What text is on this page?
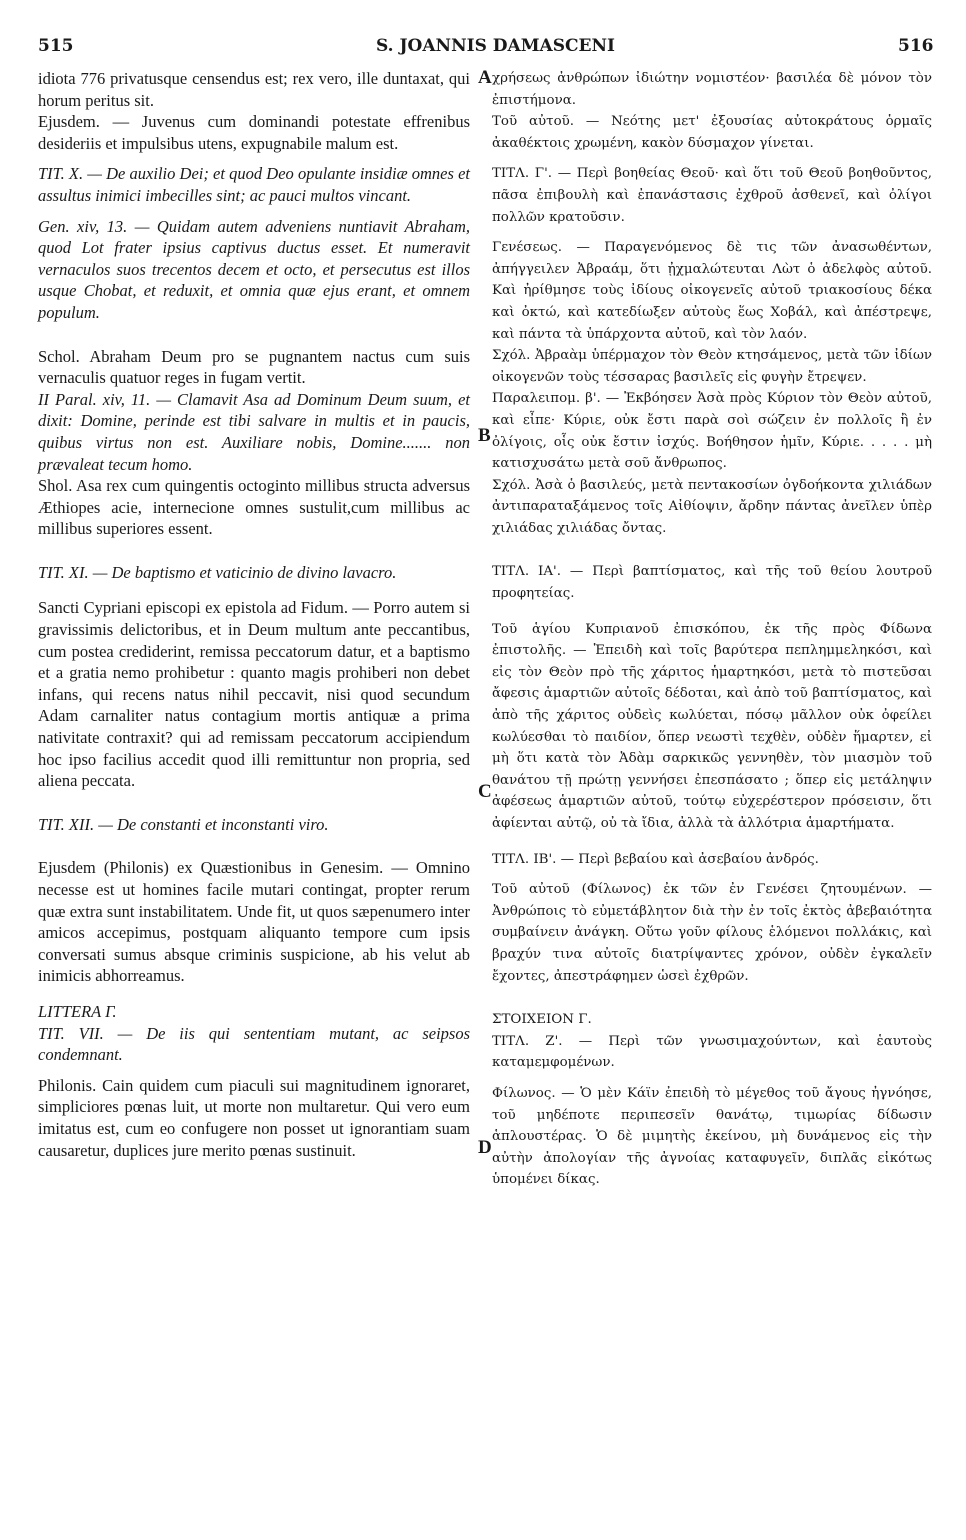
515	S. JOANNIS DAMASCENI	516
A
B
C
D

idiota 776 privatusque censendus est; rex vero, ille duntaxat, qui horum peritus sit.

Ejusdem. — Juvenus cum dominandi potestate effrenibus desideriis et impulsibus utens, expugnabile malum est.

TIT. X. — De auxilio Dei; et quod Deo opulante insidiæ omnes et assultus inimici imbecilles sint; ac pauci multos vincant.

Gen. xiv, 13. — Quidam autem adveniens nuntiavit Abraham, quod Lot frater ipsius captivus ductus esset. Et numeravit vernaculos suos trecentos decem et octo, et persecutus est illos usque Chobat, et reduxit, et omnia quæ ejus erant, et omnem populum.

Schol. Abraham Deum pro se pugnantem nactus cum suis vernaculis quatuor reges in fugam vertit.

II Paral. xiv, 11. — Clamavit Asa ad Dominum Deum suum, et dixit: Domine, perinde est tibi salvare in multis et in paucis, quibus virtus non est. Auxiliare nobis, Domine....... non prævaleat tecum homo.

Shol. Asa rex cum quingentis octoginto millibus structa adversus Æthiopes acie, internecione omnes sustulit,cum millibus ac millibus superiores essent.

TIT. XI. — De baptismo et vaticinio de divino lavacro.

Sancti Cypriani episcopi ex epistola ad Fidum. — Porro autem si gravissimis delictoribus, et in Deum multum ante peccantibus, cum postea crediderint, remissa peccatorum datur, et a baptismo et a gratia nemo prohibetur : quanto magis prohiberi non debet infans, qui recens natus nihil peccavit, nisi quod secundum Adam carnaliter natus contagium mortis antiquæ a prima nativitate contraxit? qui ad remissam peccatorum accipiendum hoc ipso facilius accedit quod illi remittuntur non propria, sed aliena peccata.

TIT. XII. — De constanti et inconstanti viro.

Ejusdem (Philonis) ex Quæstionibus in Genesim. — Omnino necesse est ut homines facile mutari contingat, propter rerum quæ extra sunt instabilitatem. Unde fit, ut quos sæpenumero inter amicos accepimus, postquam aliquanto tempore cum ipsis conversati sumus absque criminis suspicione, ab his velut ab inimicis abhorreamus.

LITTERA Γ.

TIT. VII. — De iis qui sententiam mutant, ac seipsos condemnant.

Philonis. Cain quidem cum piaculi sui magnitudinem ignoraret, simpliciores pœnas luit, ut morte non multaretur. Qui vero eum imitatus est, cum eo confugere non posset ut ignorantiam suam causaretur, duplices jure merito pœnas sustinuit.

χρήσεως ἀνθρώπων ἰδιώτην νομιστέον· βασιλέα δὲ μόνον τὸν ἐπιστήμονα.

Τοῦ αὐτοῦ. — Νεότης μετ' ἐξουσίας αὐτοκράτους ὁρμαῖς ἀκαθέκτοις χρωμένη, κακὸν δύσμαχον γίνεται.

ΤΙΤΛ. Γ'. — Περὶ βοηθείας Θεοῦ· καὶ ὅτι τοῦ Θεοῦ βοηθοῦντος, πᾶσα ἐπιβουλὴ καὶ ἐπανάστασις ἐχθροῦ ἀσθενεῖ, καὶ ὀλίγοι πολλῶν κρατοῦσιν.

Γενέσεως. — Παραγενόμενος δὲ τις τῶν ἀνασωθέντων, ἀπήγγειλεν Ἀβραάμ, ὅτι ᾐχμαλώτευται Λὼτ ὁ ἀδελφὸς αὐτοῦ. Καὶ ἠρίθμησε τοὺς ἰδίους οἰκογενεῖς αὐτοῦ τριακοσίους δέκα καὶ ὀκτώ, καὶ κατεδίωξεν αὐτοὺς ἕως Χοβάλ, καὶ ἀπέστρεψε, καὶ πάντα τὰ ὑπάρχοντα αὐτοῦ, καὶ τὸν λαόν.

Σχόλ. Ἀβραὰμ ὑπέρμαχον τὸν Θεὸν κτησάμενος, μετὰ τῶν ἰδίων οἰκογενῶν τοὺς τέσσαρας βασιλεῖς εἰς φυγὴν ἔτρεψεν.

Παραλειπομ. β'. — Ἐκβόησεν Ἀσὰ πρὸς Κύριον τὸν Θεὸν αὐτοῦ, καὶ εἶπε· Κύριε, οὐκ ἔστι παρὰ σοὶ σώζειν ἐν πολλοῖς ἢ ἐν ὀλίγοις, οἷς οὐκ ἔστιν ἰσχύς. Βοήθησον ἡμῖν, Κύριε. . . . . μὴ κατισχυσάτω μετὰ σοῦ ἄνθρωπος.

Σχόλ. Ἀσὰ ὁ βασιλεύς, μετὰ πεντακοσίων ὀγδοήκοντα χιλιάδων ἀντιπαραταξάμενος τοῖς Αἰθίοψιν, ἄρδην πάντας ἀνεῖλεν ὑπὲρ χιλιάδας χιλιάδας ὄντας.

ΤΙΤΛ. ΙΑ'. — Περὶ βαπτίσματος, καὶ τῆς τοῦ θείου λουτροῦ προφητείας.

Τοῦ ἁγίου Κυπριανοῦ ἐπισκόπου, ἐκ τῆς πρὸς Φίδωνα ἐπιστολῆς. — Ἐπειδὴ καὶ τοῖς βαρύτερα πεπλημμεληκόσι, καὶ εἰς τὸν Θεὸν πρὸ τῆς χάριτος ἡμαρτηκόσι, μετὰ τὸ πιστεῦσαι ἄφεσις ἁμαρτιῶν αὐτοῖς δέδοται, καὶ ἀπὸ τοῦ βαπτίσματος, καὶ ἀπὸ τῆς χάριτος οὐδεὶς κωλύεται, πόσῳ μᾶλλον οὐκ ὀφείλει κωλύεσθαι τὸ παιδίον, ὅπερ νεωστὶ τεχθὲν, οὐδὲν ἥμαρτεν, εἰ μὴ ὅτι κατὰ τὸν Ἀδὰμ σαρκικῶς γεννηθὲν, τὸν μιασμὸν τοῦ θανάτου τῇ πρώτῃ γεννήσει ἐπεσπάσατο ; ὅπερ εἰς μετάληψιν ἀφέσεως ἁμαρτιῶν αὐτοῦ, τούτῳ εὐχερέστερον πρόσεισιν, ὅτι ἀφίενται αὐτῷ, οὐ τὰ ἴδια, ἀλλὰ τὰ ἀλλότρια ἁμαρτήματα.

ΤΙΤΛ. ΙΒ'. — Περὶ βεβαίου καὶ ἀσεβαίου ἀνδρός.

Τοῦ αὐτοῦ (Φίλωνος) ἐκ τῶν ἐν Γενέσει ζητουμένων. — Ἀνθρώποις τὸ εὐμετάβλητον διὰ τὴν ἐν τοῖς ἐκτὸς ἀβεβαιότητα συμβαίνειν ἀνάγκη. Οὕτω γοῦν φίλους ἑλόμενοι πολλάκις, καὶ βραχύν τινα αὐτοῖς διατρίψαντες χρόνον, οὐδὲν ἐγκαλεῖν ἔχοντες, ἀπεστράφημεν ὡσεὶ ἐχθρῶν.

ΣΤΟΙΧΕΙΟΝ Γ.

ΤΙΤΛ. Ζ'. — Περὶ τῶν γνωσιμαχούντων, καὶ ἑαυτοὺς καταμεμφομένων.

Φίλωνος. — Ὁ μὲν Κάϊν ἐπειδὴ τὸ μέγεθος τοῦ ἄγους ἠγνόησε, τοῦ μηδέποτε περιπεσεῖν θανάτῳ, τιμωρίας δίδωσιν ἁπλουστέρας. Ὁ δὲ μιμητὴς ἐκείνου, μὴ δυνάμενος εἰς τὴν αὐτὴν ἀπολογίαν τῆς ἀγνοίας καταφυγεῖν, διπλᾶς εἰκότως ὑπομένει δίκας.
